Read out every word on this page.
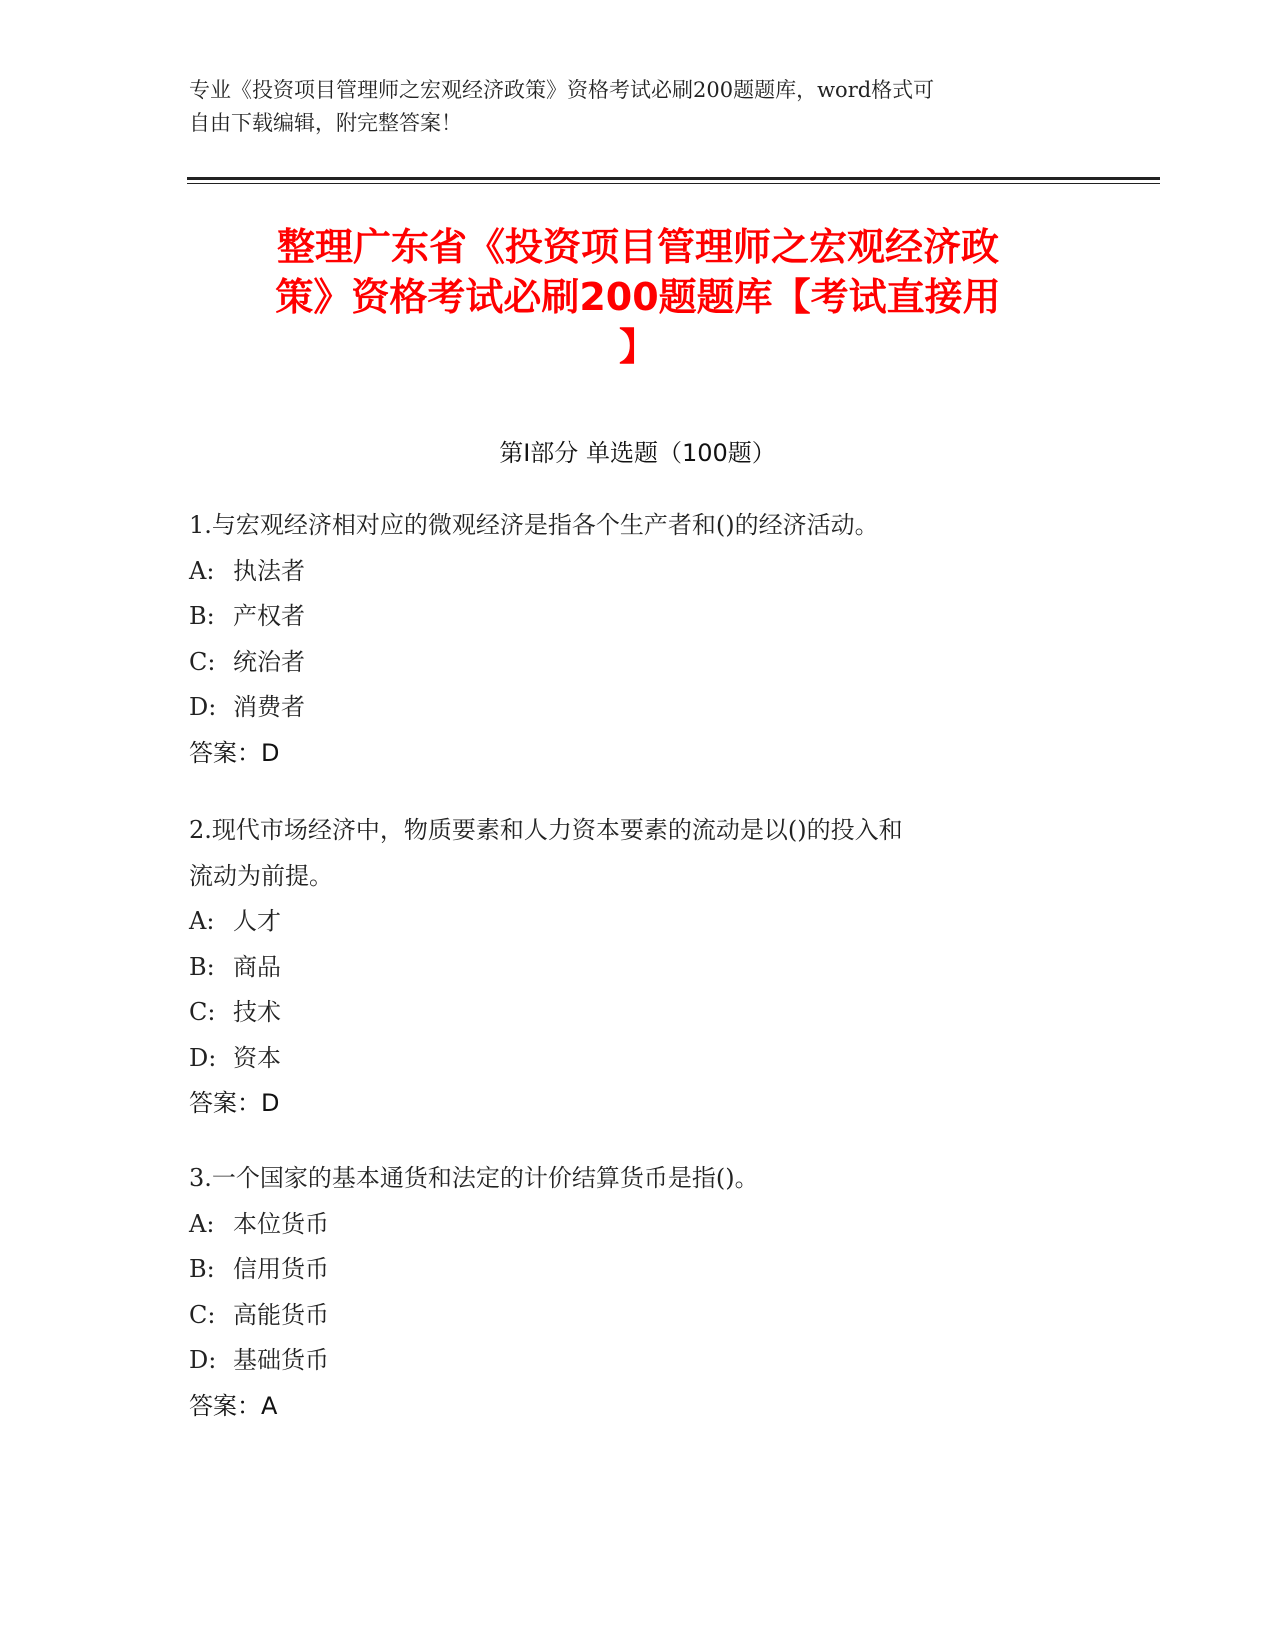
专业《投资项目管理师之宏观经济政策》资格考试必刷200题题库，word格式可
自由下载编辑，附完整答案！
整理广东省《投资项目管理师之宏观经济政
策》资格考试必刷200题题库【考试直接用
】
第Ⅰ部分 单选题（100题）
1.与宏观经济相对应的微观经济是指各个生产者和()的经济活动。
A: 执法者
B: 产权者
C: 统治者
D: 消费者
答案：D
2.现代市场经济中，物质要素和人力资本要素的流动是以()的投入和
流动为前提。
A: 人才
B: 商品
C: 技术
D: 资本
答案：D
3.一个国家的基本通货和法定的计价结算货币是指()。
A: 本位货币
B: 信用货币
C: 高能货币
D: 基础货币
答案：A
